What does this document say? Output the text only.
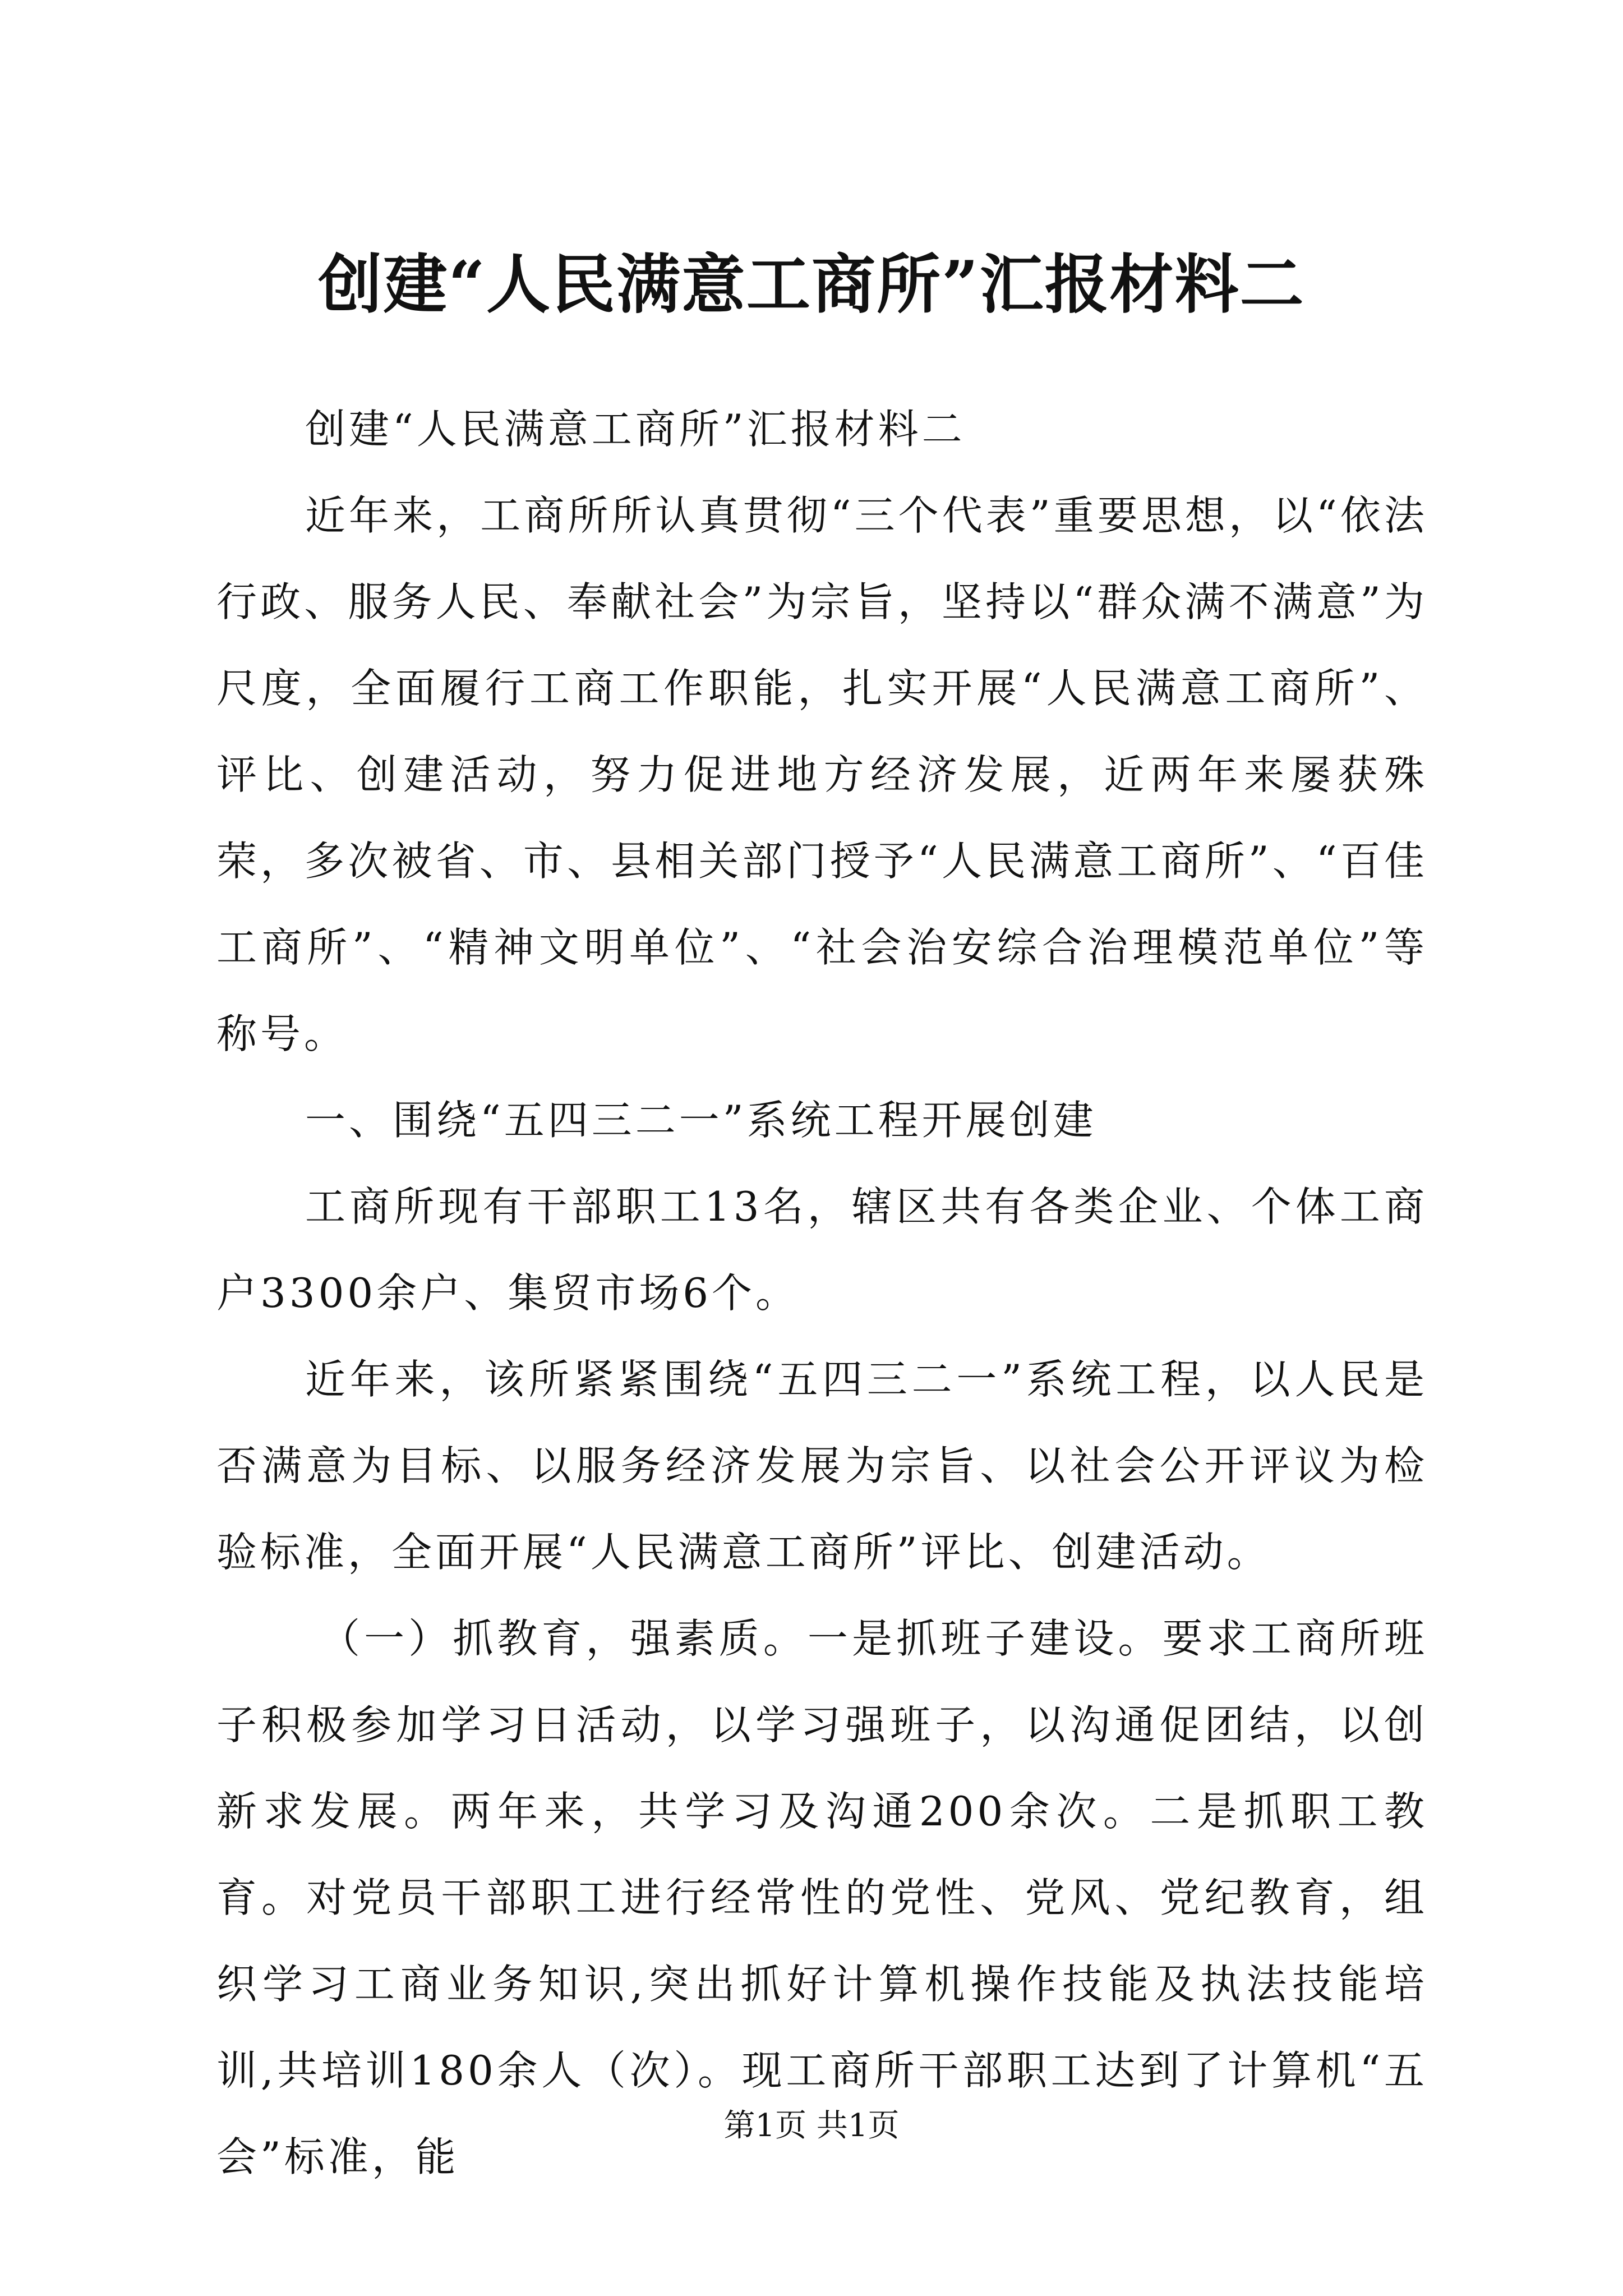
创建“人民满意工商所”汇报材料二

创建“人民满意工商所”汇报材料二

近年来，工商所所认真贯彻“三个代表”重要思想，以“依法行政、服务人民、奉献社会”为宗旨，坚持以“群众满不满意”为尺度，全面履行工商工作职能，扎实开展“人民满意工商所”、评比、创建活动，努力促进地方经济发展，近两年来屡获殊荣，多次被省、市、县相关部门授予“人民满意工商所”、“百佳工商所”、“精神文明单位”、“社会治安综合治理模范单位”等称号。

一、围绕“五四三二一”系统工程开展创建

工商所现有干部职工13名，辖区共有各类企业、个体工商户3300余户、集贸市场6个。

近年来，该所紧紧围绕“五四三二一”系统工程，以人民是否满意为目标、以服务经济发展为宗旨、以社会公开评议为检验标准，全面开展“人民满意工商所”评比、创建活动。

（一）抓教育，强素质。一是抓班子建设。要求工商所班子积极参加学习日活动，以学习强班子，以沟通促团结，以创新求发展。两年来，共学习及沟通200余次。二是抓职工教育。对党员干部职工进行经常性的党性、党风、党纪教育，组织学习工商业务知识,突出抓好计算机操作技能及执法技能培训,共培训180余人（次）。现工商所干部职工达到了计算机“五会”标准，能

第1页 共1页
